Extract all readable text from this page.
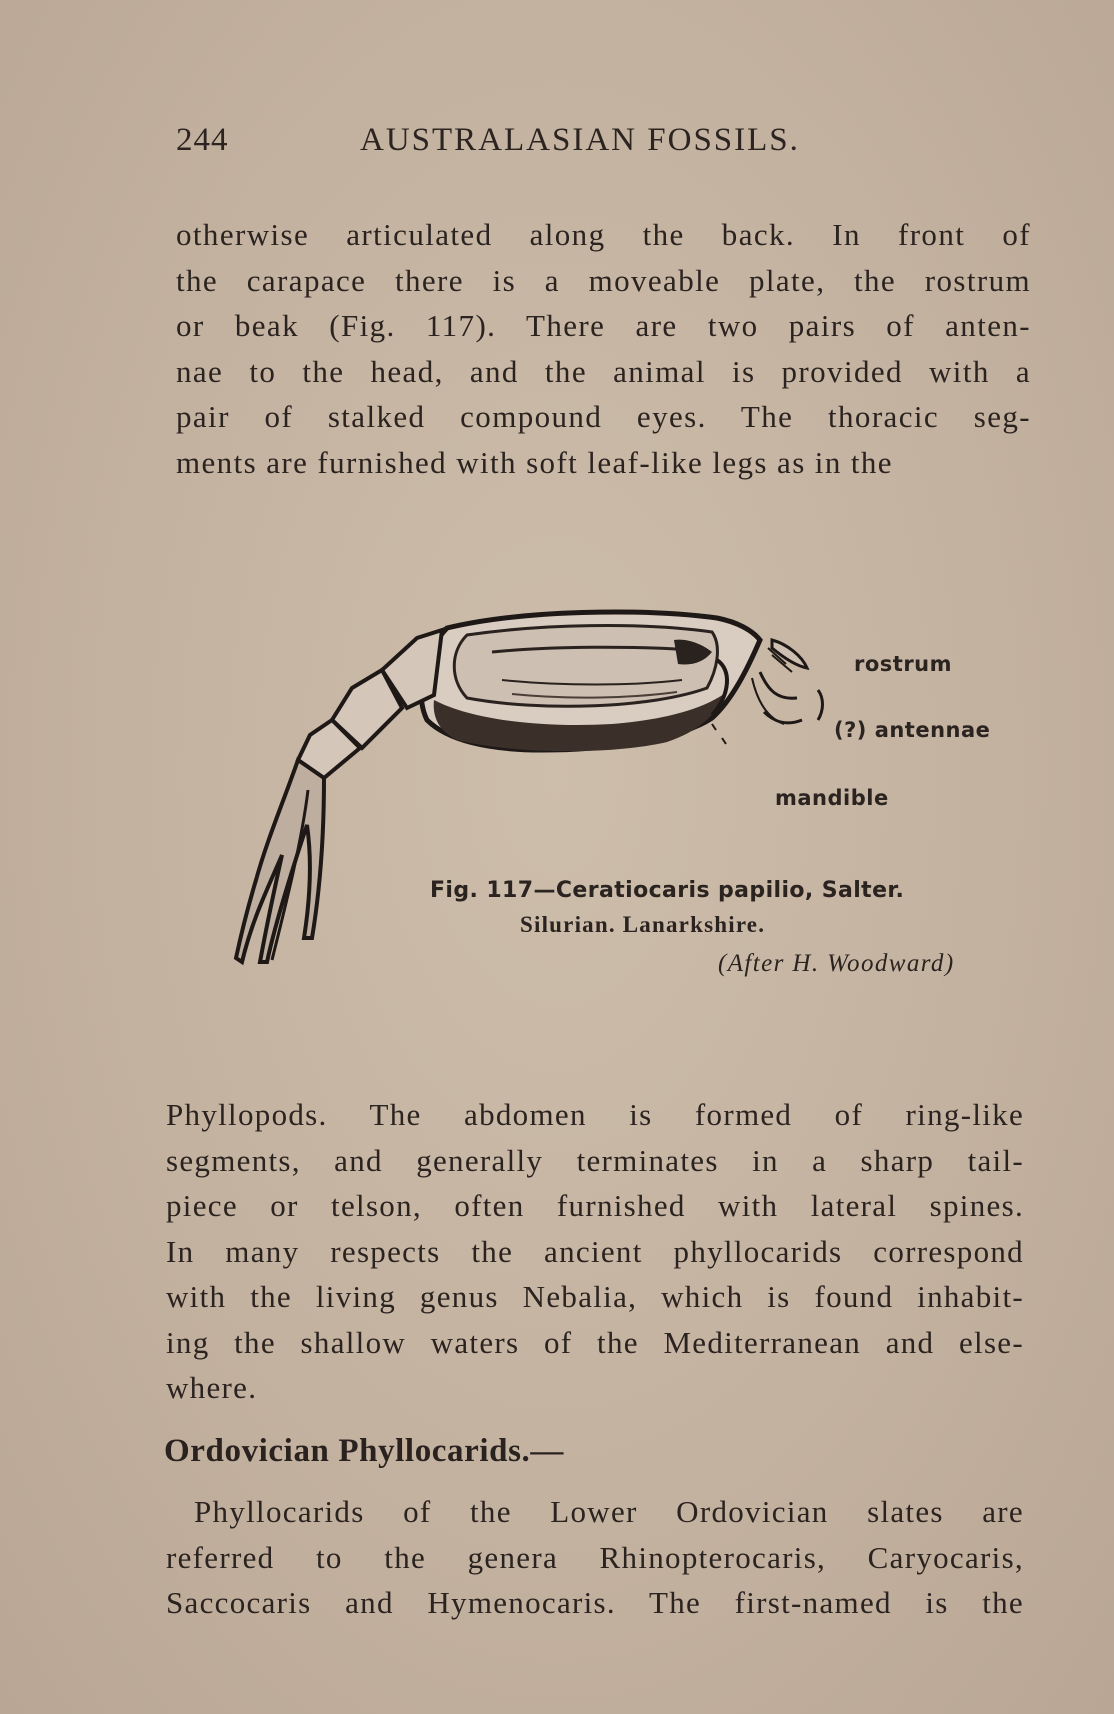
244	AUSTRALASIAN FOSSILS.
otherwise articulated along the back. In front of
the carapace there is a moveable plate, the rostrum
or beak (Fig. 117). There are two pairs of anten-
nae to the head, and the animal is provided with a
pair of stalked compound eyes. The thoracic seg-
ments are furnished with soft leaf-like legs as in the
rostrum
(?) antennae
mandible
Fig. 117—Ceratiocaris papilio, Salter.
Silurian. Lanarkshire.
(After H. Woodward)
Phyllopods. The abdomen is formed of ring-like
segments, and generally terminates in a sharp tail-
piece or telson, often furnished with lateral spines.
In many respects the ancient phyllocarids correspond
with the living genus Nebalia, which is found inhabit-
ing the shallow waters of the Mediterranean and else-
where.
Ordovician Phyllocarids.—
Phyllocarids of the Lower Ordovician slates are
referred to the genera Rhinopterocaris, Caryocaris,
Saccocaris and Hymenocaris. The first-named is the
